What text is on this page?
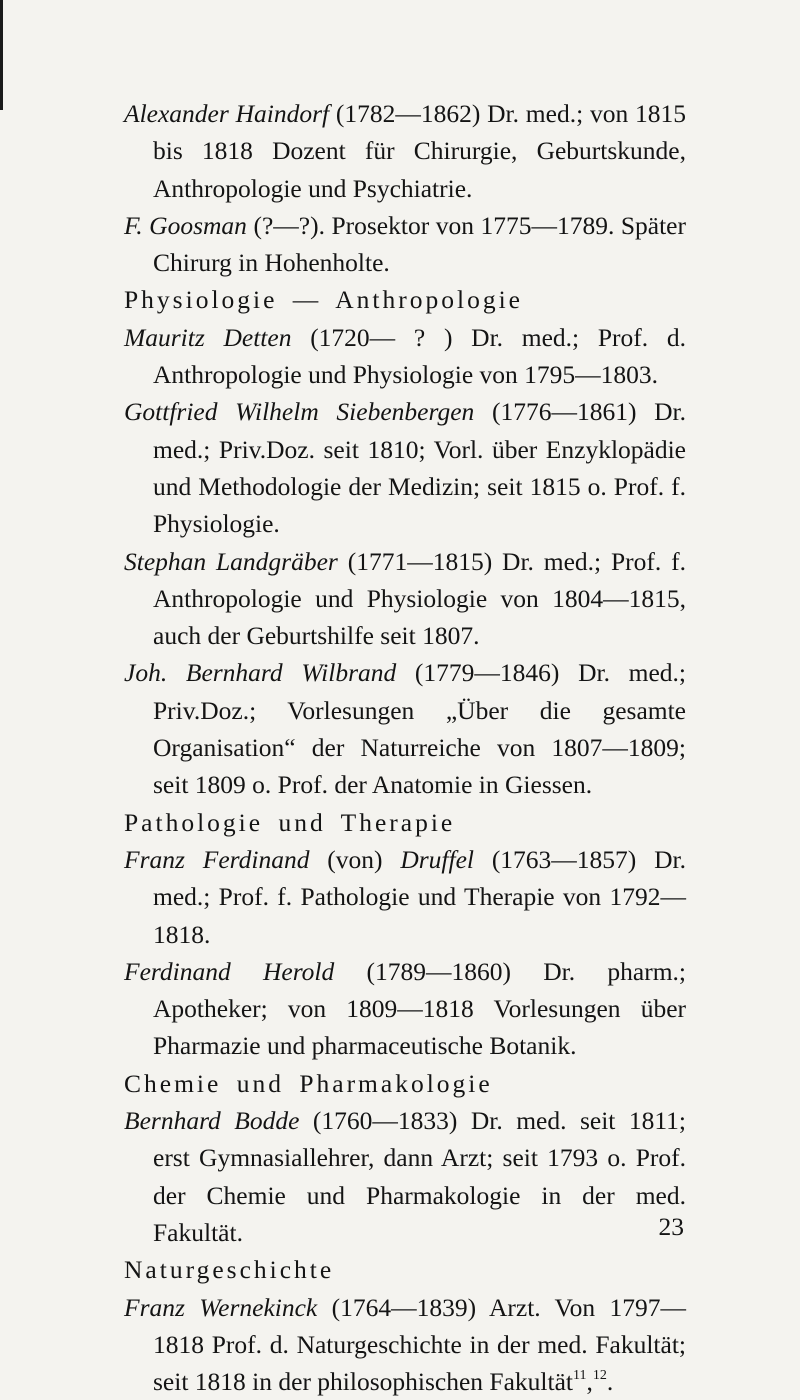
Alexander Haindorf (1782—1862) Dr. med.; von 1815 bis 1818 Dozent für Chirurgie, Geburtskunde, Anthropologie und Psychiatrie.

F. Goosman (?—?). Prosektor von 1775—1789. Später Chirurg in Hohenholte.

Physiologie — Anthropologie

Mauritz Detten (1720— ? ) Dr. med.; Prof. d. Anthropologie und Physiologie von 1795—1803.

Gottfried Wilhelm Siebenbergen (1776—1861) Dr. med.; Priv.Doz. seit 1810; Vorl. über Enzyklopädie und Methodologie der Medizin; seit 1815 o. Prof. f. Physiologie.

Stephan Landgräber (1771—1815) Dr. med.; Prof. f. Anthropologie und Physiologie von 1804—1815, auch der Geburtshilfe seit 1807.

Joh. Bernhard Wilbrand (1779—1846) Dr. med.; Priv.Doz.; Vorlesungen „Über die gesamte Organisation“ der Naturreiche von 1807—1809; seit 1809 o. Prof. der Anatomie in Giessen.

Pathologie und Therapie

Franz Ferdinand (von) Druffel (1763—1857) Dr. med.; Prof. f. Pathologie und Therapie von 1792—1818.

Ferdinand Herold (1789—1860) Dr. pharm.; Apotheker; von 1809—1818 Vorlesungen über Pharmazie und pharmaceutische Botanik.

Chemie und Pharmakologie

Bernhard Bodde (1760—1833) Dr. med. seit 1811; erst Gymnasiallehrer, dann Arzt; seit 1793 o. Prof. der Chemie und Pharmakologie in der med. Fakultät.

Naturgeschichte

Franz Wernekinck (1764—1839) Arzt. Von 1797—1818 Prof. d. Naturgeschichte in der med. Fakultät; seit 1818 in der philosophischen Fakultät$^{11}$,$^{12}$.

23
